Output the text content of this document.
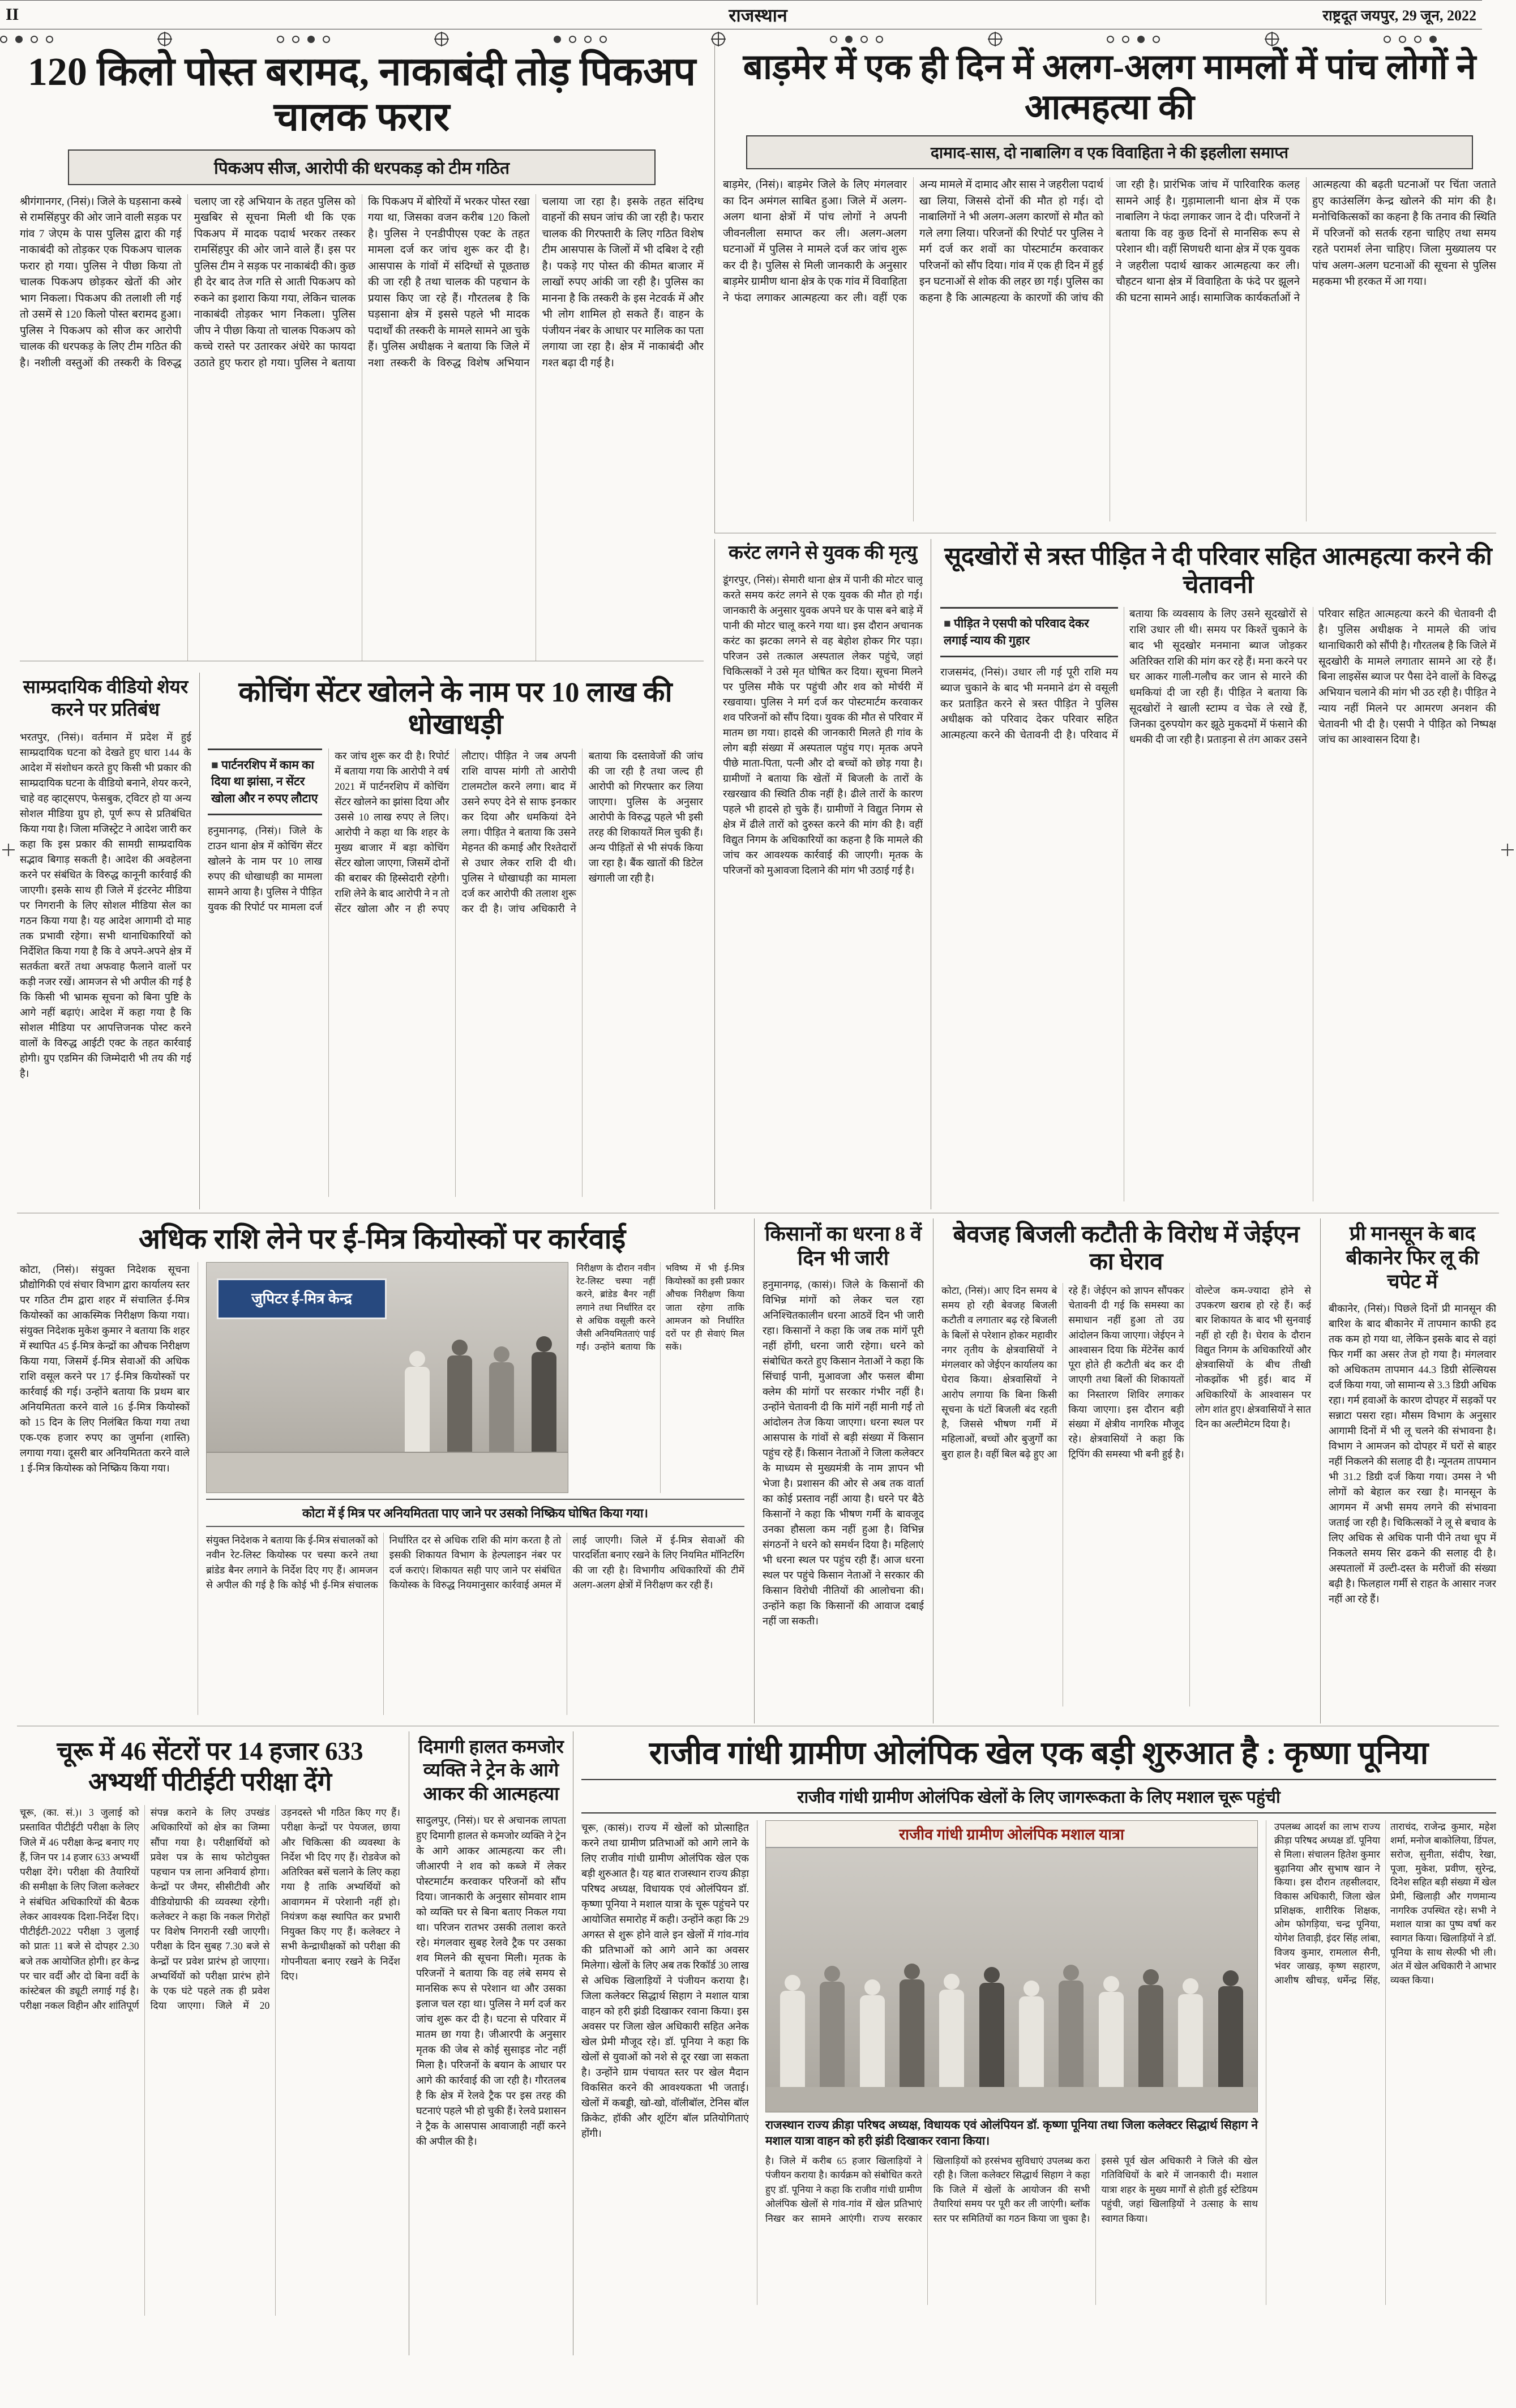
II	राजस्थान	राष्ट्रदूत जयपुर, 29 जून, 2022
120 किलो पोस्त बरामद, नाकाबंदी तोड़ पिकअप चालक फरार
पिकअप सीज, आरोपी की धरपकड़ को टीम गठित
श्रीगंगानगर, (निसं)। जिले के घड़साना कस्बे से रामसिंहपुर की ओर जाने वाली सड़क पर गांव 7 जेएम के पास पुलिस द्वारा की गई नाकाबंदी को तोड़कर एक पिकअप चालक फरार हो गया। पुलिस ने पीछा किया तो चालक पिकअप छोड़कर खेतों की ओर भाग निकला। पिकअप की तलाशी ली गई तो उसमें से 120 किलो पोस्त बरामद हुआ। पुलिस ने पिकअप को सीज कर आरोपी चालक की धरपकड़ के लिए टीम गठित की है। नशीली वस्तुओं की तस्करी के विरुद्ध चलाए जा रहे अभियान के तहत पुलिस को मुखबिर से सूचना मिली थी कि एक पिकअप में मादक पदार्थ भरकर तस्कर रामसिंहपुर की ओर जाने वाले हैं। इस पर पुलिस टीम ने सड़क पर नाकाबंदी की। कुछ ही देर बाद तेज गति से आती पिकअप को रुकने का इशारा किया गया, लेकिन चालक नाकाबंदी तोड़कर भाग निकला। पुलिस जीप ने पीछा किया तो चालक पिकअप को कच्चे रास्ते पर उतारकर अंधेरे का फायदा उठाते हुए फरार हो गया। पुलिस ने बताया कि पिकअप में बोरियों में भरकर पोस्त रखा गया था, जिसका वजन करीब 120 किलो है। पुलिस ने एनडीपीएस एक्ट के तहत मामला दर्ज कर जांच शुरू कर दी है। आसपास के गांवों में संदिग्धों से पूछताछ की जा रही है तथा चालक की पहचान के प्रयास किए जा रहे हैं। गौरतलब है कि घड़साना क्षेत्र में इससे पहले भी मादक पदार्थों की तस्करी के मामले सामने आ चुके हैं। पुलिस अधीक्षक ने बताया कि जिले में नशा तस्करी के विरुद्ध विशेष अभियान चलाया जा रहा है। इसके तहत संदिग्ध वाहनों की सघन जांच की जा रही है। फरार चालक की गिरफ्तारी के लिए गठित विशेष टीम आसपास के जिलों में भी दबिश दे रही है। पकड़े गए पोस्त की कीमत बाजार में लाखों रुपए आंकी जा रही है। पुलिस का मानना है कि तस्करी के इस नेटवर्क में और भी लोग शामिल हो सकते हैं। वाहन के पंजीयन नंबर के आधार पर मालिक का पता लगाया जा रहा है। क्षेत्र में नाकाबंदी और गश्त बढ़ा दी गई है।
बाड़मेर में एक ही दिन में अलग-अलग मामलों में पांच लोगों ने आत्महत्या की
दामाद-सास, दो नाबालिग व एक विवाहिता ने की इहलीला समाप्त
बाड़मेर, (निसं)। बाड़मेर जिले के लिए मंगलवार का दिन अमंगल साबित हुआ। जिले में अलग-अलग थाना क्षेत्रों में पांच लोगों ने अपनी जीवनलीला समाप्त कर ली। अलग-अलग घटनाओं में पुलिस ने मामले दर्ज कर जांच शुरू कर दी है। पुलिस से मिली जानकारी के अनुसार बाड़मेर ग्रामीण थाना क्षेत्र के एक गांव में विवाहिता ने फंदा लगाकर आत्महत्या कर ली। वहीं एक अन्य मामले में दामाद और सास ने जहरीला पदार्थ खा लिया, जिससे दोनों की मौत हो गई। दो नाबालिगों ने भी अलग-अलग कारणों से मौत को गले लगा लिया। परिजनों की रिपोर्ट पर पुलिस ने मर्ग दर्ज कर शवों का पोस्टमार्टम करवाकर परिजनों को सौंप दिया। गांव में एक ही दिन में हुई इन घटनाओं से शोक की लहर छा गई। पुलिस का कहना है कि आत्महत्या के कारणों की जांच की जा रही है। प्रारंभिक जांच में पारिवारिक कलह सामने आई है। गुड़ामालानी थाना क्षेत्र में एक नाबालिग ने फंदा लगाकर जान दे दी। परिजनों ने बताया कि वह कुछ दिनों से मानसिक रूप से परेशान थी। वहीं सिणधरी थाना क्षेत्र में एक युवक ने जहरीला पदार्थ खाकर आत्महत्या कर ली। चौहटन थाना क्षेत्र में विवाहिता के फंदे पर झूलने की घटना सामने आई। सामाजिक कार्यकर्ताओं ने आत्महत्या की बढ़ती घटनाओं पर चिंता जताते हुए काउंसलिंग केन्द्र खोलने की मांग की है। मनोचिकित्सकों का कहना है कि तनाव की स्थिति में परिजनों को सतर्क रहना चाहिए तथा समय रहते परामर्श लेना चाहिए। जिला मुख्यालय पर पांच अलग-अलग घटनाओं की सूचना से पुलिस महकमा भी हरकत में आ गया।
करंट लगने से युवक की मृत्यु
डूंगरपुर, (निसं)। सेमारी थाना क्षेत्र में पानी की मोटर चालू करते समय करंट लगने से एक युवक की मौत हो गई। जानकारी के अनुसार युवक अपने घर के पास बने बाड़े में पानी की मोटर चालू करने गया था। इस दौरान अचानक करंट का झटका लगने से वह बेहोश होकर गिर पड़ा। परिजन उसे तत्काल अस्पताल लेकर पहुंचे, जहां चिकित्सकों ने उसे मृत घोषित कर दिया। सूचना मिलने पर पुलिस मौके पर पहुंची और शव को मोर्चरी में रखवाया। पुलिस ने मर्ग दर्ज कर पोस्टमार्टम करवाकर शव परिजनों को सौंप दिया। युवक की मौत से परिवार में मातम छा गया। हादसे की जानकारी मिलते ही गांव के लोग बड़ी संख्या में अस्पताल पहुंच गए। मृतक अपने पीछे माता-पिता, पत्नी और दो बच्चों को छोड़ गया है। ग्रामीणों ने बताया कि खेतों में बिजली के तारों के रखरखाव की स्थिति ठीक नहीं है। ढीले तारों के कारण पहले भी हादसे हो चुके हैं। ग्रामीणों ने विद्युत निगम से क्षेत्र में ढीले तारों को दुरुस्त करने की मांग की है। वहीं विद्युत निगम के अधिकारियों का कहना है कि मामले की जांच कर आवश्यक कार्रवाई की जाएगी। मृतक के परिजनों को मुआवजा दिलाने की मांग भी उठाई गई है।
सूदखोरों से त्रस्त पीड़ित ने दी परिवार सहित आत्महत्या करने की चेतावनी
■ पीड़ित ने एसपी को परिवाद देकर लगाई न्याय की गुहार
राजसमंद, (निसं)। उधार ली गई पूरी राशि मय ब्याज चुकाने के बाद भी मनमाने ढंग से वसूली कर प्रताड़ित करने से त्रस्त पीड़ित ने पुलिस अधीक्षक को परिवाद देकर परिवार सहित आत्महत्या करने की चेतावनी दी है। परिवाद में बताया कि व्यवसाय के लिए उसने सूदखोरों से राशि उधार ली थी। समय पर किश्तें चुकाने के बाद भी सूदखोर मनमाना ब्याज जोड़कर अतिरिक्त राशि की मांग कर रहे हैं। मना करने पर घर आकर गाली-गलौच कर जान से मारने की धमकियां दी जा रही हैं। पीड़ित ने बताया कि सूदखोरों ने खाली स्टाम्प व चेक ले रखे हैं, जिनका दुरुपयोग कर झूठे मुकदमों में फंसाने की धमकी दी जा रही है। प्रताड़ना से तंग आकर उसने परिवार सहित आत्महत्या करने की चेतावनी दी है। पुलिस अधीक्षक ने मामले की जांच थानाधिकारी को सौंपी है। गौरतलब है कि जिले में सूदखोरी के मामले लगातार सामने आ रहे हैं। बिना लाइसेंस ब्याज पर पैसा देने वालों के विरुद्ध अभियान चलाने की मांग भी उठ रही है। पीड़ित ने न्याय नहीं मिलने पर आमरण अनशन की चेतावनी भी दी है। एसपी ने पीड़ित को निष्पक्ष जांच का आश्वासन दिया है।
साम्प्रदायिक वीडियो शेयर करने पर प्रतिबंध
भरतपुर, (निसं)। वर्तमान में प्रदेश में हुई साम्प्रदायिक घटना को देखते हुए धारा 144 के आदेश में संशोधन करते हुए किसी भी प्रकार की साम्प्रदायिक घटना के वीडियो बनाने, शेयर करने, चाहे वह व्हाट्सएप, फेसबुक, ट्विटर हो या अन्य सोशल मीडिया ग्रुप हो, पूर्ण रूप से प्रतिबंधित किया गया है। जिला मजिस्ट्रेट ने आदेश जारी कर कहा कि इस प्रकार की सामग्री साम्प्रदायिक सद्भाव बिगाड़ सकती है। आदेश की अवहेलना करने पर संबंधित के विरुद्ध कानूनी कार्रवाई की जाएगी। इसके साथ ही जिले में इंटरनेट मीडिया पर निगरानी के लिए सोशल मीडिया सेल का गठन किया गया है। यह आदेश आगामी दो माह तक प्रभावी रहेगा। सभी थानाधिकारियों को निर्देशित किया गया है कि वे अपने-अपने क्षेत्र में सतर्कता बरतें तथा अफवाह फैलाने वालों पर कड़ी नजर रखें। आमजन से भी अपील की गई है कि किसी भी भ्रामक सूचना को बिना पुष्टि के आगे नहीं बढ़ाएं। आदेश में कहा गया है कि सोशल मीडिया पर आपत्तिजनक पोस्ट करने वालों के विरुद्ध आईटी एक्ट के तहत कार्रवाई होगी। ग्रुप एडमिन की जिम्मेदारी भी तय की गई है।
कोचिंग सेंटर खोलने के नाम पर 10 लाख की धोखाधड़ी
■ पार्टनरशिप में काम का दिया था झांसा, न सेंटर खोला और न रुपए लौटाए
हनुमानगढ़, (निसं)। जिले के टाउन थाना क्षेत्र में कोचिंग सेंटर खोलने के नाम पर 10 लाख रुपए की धोखाधड़ी का मामला सामने आया है। पुलिस ने पीड़ित युवक की रिपोर्ट पर मामला दर्ज कर जांच शुरू कर दी है। रिपोर्ट में बताया गया कि आरोपी ने वर्ष 2021 में पार्टनरशिप में कोचिंग सेंटर खोलने का झांसा दिया और उससे 10 लाख रुपए ले लिए। आरोपी ने कहा था कि शहर के मुख्य बाजार में बड़ा कोचिंग सेंटर खोला जाएगा, जिसमें दोनों की बराबर की हिस्सेदारी रहेगी। राशि लेने के बाद आरोपी ने न तो सेंटर खोला और न ही रुपए लौटाए। पीड़ित ने जब अपनी राशि वापस मांगी तो आरोपी टालमटोल करने लगा। बाद में उसने रुपए देने से साफ इनकार कर दिया और धमकियां देने लगा। पीड़ित ने बताया कि उसने मेहनत की कमाई और रिश्तेदारों से उधार लेकर राशि दी थी। पुलिस ने धोखाधड़ी का मामला दर्ज कर आरोपी की तलाश शुरू कर दी है। जांच अधिकारी ने बताया कि दस्तावेजों की जांच की जा रही है तथा जल्द ही आरोपी को गिरफ्तार कर लिया जाएगा। पुलिस के अनुसार आरोपी के विरुद्ध पहले भी इसी तरह की शिकायतें मिल चुकी हैं। अन्य पीड़ितों से भी संपर्क किया जा रहा है। बैंक खातों की डिटेल खंगाली जा रही है।
अधिक राशि लेने पर ई-मित्र कियोस्कों पर कार्रवाई
कोटा, (निसं)। संयुक्त निदेशक सूचना प्रौद्योगिकी एवं संचार विभाग द्वारा कार्यालय स्तर पर गठित टीम द्वारा शहर में संचालित ई-मित्र कियोस्कों का आकस्मिक निरीक्षण किया गया। संयुक्त निदेशक मुकेश कुमार ने बताया कि शहर में स्थापित 45 ई-मित्र केन्द्रों का औचक निरीक्षण किया गया, जिसमें ई-मित्र सेवाओं की अधिक राशि वसूल करने पर 17 ई-मित्र कियोस्कों पर कार्रवाई की गई। उन्होंने बताया कि प्रथम बार अनियमितता करने वाले 16 ई-मित्र कियोस्कों को 15 दिन के लिए निलंबित किया गया तथा एक-एक हजार रुपए का जुर्माना (शास्ति) लगाया गया। दूसरी बार अनियमितता करने वाले 1 ई-मित्र कियोस्क को निष्क्रिय किया गया।
जुपिटर ई-मित्र केन्द्र
निरीक्षण के दौरान नवीन रेट-लिस्ट चस्पा नहीं करने, ब्रांडेड बैनर नहीं लगाने तथा निर्धारित दर से अधिक वसूली करने जैसी अनियमितताएं पाई गईं। उन्होंने बताया कि भविष्य में भी ई-मित्र कियोस्कों का इसी प्रकार औचक निरीक्षण किया जाता रहेगा ताकि आमजन को निर्धारित दरों पर ही सेवाएं मिल सकें।
कोटा में ई मित्र पर अनियमितता पाए जाने पर उसको निष्क्रिय घोषित किया गया।
संयुक्त निदेशक ने बताया कि ई-मित्र संचालकों को नवीन रेट-लिस्ट कियोस्क पर चस्पा करने तथा ब्रांडेड बैनर लगाने के निर्देश दिए गए हैं। आमजन से अपील की गई है कि कोई भी ई-मित्र संचालक निर्धारित दर से अधिक राशि की मांग करता है तो इसकी शिकायत विभाग के हेल्पलाइन नंबर पर दर्ज कराएं। शिकायत सही पाए जाने पर संबंधित कियोस्क के विरुद्ध नियमानुसार कार्रवाई अमल में लाई जाएगी। जिले में ई-मित्र सेवाओं की पारदर्शिता बनाए रखने के लिए नियमित मॉनिटरिंग की जा रही है। विभागीय अधिकारियों की टीमें अलग-अलग क्षेत्रों में निरीक्षण कर रही हैं।
किसानों का धरना 8 वें दिन भी जारी
हनुमानगढ़, (कासं)। जिले के किसानों की विभिन्न मांगों को लेकर चल रहा अनिश्चितकालीन धरना आठवें दिन भी जारी रहा। किसानों ने कहा कि जब तक मांगें पूरी नहीं होंगी, धरना जारी रहेगा। धरने को संबोधित करते हुए किसान नेताओं ने कहा कि सिंचाई पानी, मुआवजा और फसल बीमा क्लेम की मांगों पर सरकार गंभीर नहीं है। उन्होंने चेतावनी दी कि मांगें नहीं मानी गईं तो आंदोलन तेज किया जाएगा। धरना स्थल पर आसपास के गांवों से बड़ी संख्या में किसान पहुंच रहे हैं। किसान नेताओं ने जिला कलेक्टर के माध्यम से मुख्यमंत्री के नाम ज्ञापन भी भेजा है। प्रशासन की ओर से अब तक वार्ता का कोई प्रस्ताव नहीं आया है। धरने पर बैठे किसानों ने कहा कि भीषण गर्मी के बावजूद उनका हौसला कम नहीं हुआ है। विभिन्न संगठनों ने धरने को समर्थन दिया है। महिलाएं भी धरना स्थल पर पहुंच रही हैं। आज धरना स्थल पर पहुंचे किसान नेताओं ने सरकार की किसान विरोधी नीतियों की आलोचना की। उन्होंने कहा कि किसानों की आवाज दबाई नहीं जा सकती।
बेवजह बिजली कटौती के विरोध में जेईएन का घेराव
कोटा, (निसं)। आए दिन समय बे समय हो रही बेवजह बिजली कटौती व लगातार बढ़ रहे बिजली के बिलों से परेशान होकर महावीर नगर तृतीय के क्षेत्रवासियों ने मंगलवार को जेईएन कार्यालय का घेराव किया। क्षेत्रवासियों ने आरोप लगाया कि बिना किसी सूचना के घंटों बिजली बंद रहती है, जिससे भीषण गर्मी में महिलाओं, बच्चों और बुजुर्गों का बुरा हाल है। वहीं बिल बढ़े हुए आ रहे हैं। जेईएन को ज्ञापन सौंपकर चेतावनी दी गई कि समस्या का समाधान नहीं हुआ तो उग्र आंदोलन किया जाएगा। जेईएन ने आश्वासन दिया कि मेंटेनेंस कार्य पूरा होते ही कटौती बंद कर दी जाएगी तथा बिलों की शिकायतों का निस्तारण शिविर लगाकर किया जाएगा। इस दौरान बड़ी संख्या में क्षेत्रीय नागरिक मौजूद रहे। क्षेत्रवासियों ने कहा कि ट्रिपिंग की समस्या भी बनी हुई है। वोल्टेज कम-ज्यादा होने से उपकरण खराब हो रहे हैं। कई बार शिकायत के बाद भी सुनवाई नहीं हो रही है। घेराव के दौरान विद्युत निगम के अधिकारियों और क्षेत्रवासियों के बीच तीखी नोकझोंक भी हुई। बाद में अधिकारियों के आश्वासन पर लोग शांत हुए। क्षेत्रवासियों ने सात दिन का अल्टीमेटम दिया है।
प्री मानसून के बाद बीकानेर फिर लू की चपेट में
बीकानेर, (निसं)। पिछले दिनों प्री मानसून की बारिश के बाद बीकानेर में तापमान काफी हद तक कम हो गया था, लेकिन इसके बाद से वहां फिर गर्मी का असर तेज हो गया है। मंगलवार को अधिकतम तापमान 44.3 डिग्री सेल्सियस दर्ज किया गया, जो सामान्य से 3.3 डिग्री अधिक रहा। गर्म हवाओं के कारण दोपहर में सड़कों पर सन्नाटा पसरा रहा। मौसम विभाग के अनुसार आगामी दिनों में भी लू चलने की संभावना है। विभाग ने आमजन को दोपहर में घरों से बाहर नहीं निकलने की सलाह दी है। न्यूनतम तापमान भी 31.2 डिग्री दर्ज किया गया। उमस ने भी लोगों को बेहाल कर रखा है। मानसून के आगमन में अभी समय लगने की संभावना जताई जा रही है। चिकित्सकों ने लू से बचाव के लिए अधिक से अधिक पानी पीने तथा धूप में निकलते समय सिर ढकने की सलाह दी है। अस्पतालों में उल्टी-दस्त के मरीजों की संख्या बढ़ी है। फिलहाल गर्मी से राहत के आसार नजर नहीं आ रहे हैं।
चूरू में 46 सेंटरों पर 14 हजार 633 अभ्यर्थी पीटीईटी परीक्षा देंगे
चूरू, (का. सं.)। 3 जुलाई को प्रस्तावित पीटीईटी परीक्षा के लिए जिले में 46 परीक्षा केन्द्र बनाए गए हैं, जिन पर 14 हजार 633 अभ्यर्थी परीक्षा देंगे। परीक्षा की तैयारियों की समीक्षा के लिए जिला कलेक्टर ने संबंधित अधिकारियों की बैठक लेकर आवश्यक दिशा-निर्देश दिए। पीटीईटी-2022 परीक्षा 3 जुलाई को प्रातः 11 बजे से दोपहर 2.30 बजे तक आयोजित होगी। हर केन्द्र पर चार वर्दी और दो बिना वर्दी के कांस्टेबल की ड्यूटी लगाई गई है। परीक्षा नकल विहीन और शांतिपूर्ण संपन्न कराने के लिए उपखंड अधिकारियों को क्षेत्र का जिम्मा सौंपा गया है। परीक्षार्थियों को प्रवेश पत्र के साथ फोटोयुक्त पहचान पत्र लाना अनिवार्य होगा। केन्द्रों पर जैमर, सीसीटीवी और वीडियोग्राफी की व्यवस्था रहेगी। कलेक्टर ने कहा कि नकल गिरोहों पर विशेष निगरानी रखी जाएगी। परीक्षा के दिन सुबह 7.30 बजे से केन्द्रों पर प्रवेश प्रारंभ हो जाएगा। अभ्यर्थियों को परीक्षा प्रारंभ होने के एक घंटे पहले तक ही प्रवेश दिया जाएगा। जिले में 20 उड़नदस्ते भी गठित किए गए हैं। परीक्षा केन्द्रों पर पेयजल, छाया और चिकित्सा की व्यवस्था के निर्देश भी दिए गए हैं। रोडवेज को अतिरिक्त बसें चलाने के लिए कहा गया है ताकि अभ्यर्थियों को आवागमन में परेशानी नहीं हो। नियंत्रण कक्ष स्थापित कर प्रभारी नियुक्त किए गए हैं। कलेक्टर ने सभी केन्द्राधीक्षकों को परीक्षा की गोपनीयता बनाए रखने के निर्देश दिए।
दिमागी हालत कमजोर व्यक्ति ने ट्रेन के आगे आकर की आत्महत्या
सादुलपुर, (निसं)। घर से अचानक लापता हुए दिमागी हालत से कमजोर व्यक्ति ने ट्रेन के आगे आकर आत्महत्या कर ली। जीआरपी ने शव को कब्जे में लेकर पोस्टमार्टम करवाकर परिजनों को सौंप दिया। जानकारी के अनुसार सोमवार शाम को व्यक्ति घर से बिना बताए निकल गया था। परिजन रातभर उसकी तलाश करते रहे। मंगलवार सुबह रेलवे ट्रैक पर उसका शव मिलने की सूचना मिली। मृतक के परिजनों ने बताया कि वह लंबे समय से मानसिक रूप से परेशान था और उसका इलाज चल रहा था। पुलिस ने मर्ग दर्ज कर जांच शुरू कर दी है। घटना से परिवार में मातम छा गया है। जीआरपी के अनुसार मृतक की जेब से कोई सुसाइड नोट नहीं मिला है। परिजनों के बयान के आधार पर आगे की कार्रवाई की जा रही है। गौरतलब है कि क्षेत्र में रेलवे ट्रैक पर इस तरह की घटनाएं पहले भी हो चुकी हैं। रेलवे प्रशासन ने ट्रैक के आसपास आवाजाही नहीं करने की अपील की है।
राजीव गांधी ग्रामीण ओलंपिक खेल एक बड़ी शुरुआत है : कृष्णा पूनिया
राजीव गांधी ग्रामीण ओलंपिक खेलों के लिए जागरूकता के लिए मशाल चूरू पहुंची
चूरू, (कासं)। राज्य में खेलों को प्रोत्साहित करने तथा ग्रामीण प्रतिभाओं को आगे लाने के लिए राजीव गांधी ग्रामीण ओलंपिक खेल एक बड़ी शुरुआत है। यह बात राजस्थान राज्य क्रीड़ा परिषद अध्यक्ष, विधायक एवं ओलंपियन डॉ. कृष्णा पूनिया ने मशाल यात्रा के चूरू पहुंचने पर आयोजित समारोह में कही। उन्होंने कहा कि 29 अगस्त से शुरू होने वाले इन खेलों में गांव-गांव की प्रतिभाओं को आगे आने का अवसर मिलेगा। खेलों के लिए अब तक रिकॉर्ड 30 लाख से अधिक खिलाड़ियों ने पंजीयन कराया है। जिला कलेक्टर सिद्धार्थ सिहाग ने मशाल यात्रा वाहन को हरी झंडी दिखाकर रवाना किया। इस अवसर पर जिला खेल अधिकारी सहित अनेक खेल प्रेमी मौजूद रहे। डॉ. पूनिया ने कहा कि खेलों से युवाओं को नशे से दूर रखा जा सकता है। उन्होंने ग्राम पंचायत स्तर पर खेल मैदान विकसित करने की आवश्यकता भी जताई। खेलों में कबड्डी, खो-खो, वॉलीबॉल, टेनिस बॉल क्रिकेट, हॉकी और शूटिंग बॉल प्रतियोगिताएं होंगी।
राजीव गांधी ग्रामीण ओलंपिक मशाल यात्रा
राजस्थान राज्य क्रीड़ा परिषद अध्यक्ष, विधायक एवं ओलंपियन डॉ. कृष्णा पूनिया तथा जिला कलेक्टर सिद्धार्थ सिहाग ने मशाल यात्रा वाहन को हरी झंडी दिखाकर रवाना किया।
है। जिले में करीब 65 हजार खिलाड़ियों ने पंजीयन कराया है। कार्यक्रम को संबोधित करते हुए डॉ. पूनिया ने कहा कि राजीव गांधी ग्रामीण ओलंपिक खेलों से गांव-गांव में खेल प्रतिभाएं निखर कर सामने आएंगी। राज्य सरकार खिलाड़ियों को हरसंभव सुविधाएं उपलब्ध करा रही है। जिला कलेक्टर सिद्धार्थ सिहाग ने कहा कि जिले में खेलों के आयोजन की सभी तैयारियां समय पर पूरी कर ली जाएंगी। ब्लॉक स्तर पर समितियों का गठन किया जा चुका है। इससे पूर्व खेल अधिकारी ने जिले की खेल गतिविधियों के बारे में जानकारी दी। मशाल यात्रा शहर के मुख्य मार्गों से होती हुई स्टेडियम पहुंची, जहां खिलाड़ियों ने उत्साह के साथ स्वागत किया।
उपलब्ध आदर्श का लाभ राज्य क्रीड़ा परिषद अध्यक्ष डॉ. पूनिया से मिला। संचालन हितेश कुमार बुढ़ानिया और सुभाष खान ने किया। इस दौरान तहसीलदार, विकास अधिकारी, जिला खेल प्रशिक्षक, शारीरिक शिक्षक, ओम फोगड़िया, चन्द्र पूनिया, योगेश तिवाड़ी, इंदर सिंह लांबा, विजय कुमार, रामलाल सैनी, भंवर जाखड़, कृष्ण सहारण, आशीष खीचड़, धर्मेन्द्र सिंह, ताराचंद, राजेन्द्र कुमार, महेश शर्मा, मनोज बाकोलिया, डिंपल, सरोज, सुनीता, संदीप, रेखा, पूजा, मुकेश, प्रवीण, सुरेन्द्र, दिनेश सहित बड़ी संख्या में खेल प्रेमी, खिलाड़ी और गणमान्य नागरिक उपस्थित रहे। सभी ने मशाल यात्रा का पुष्प वर्षा कर स्वागत किया। खिलाड़ियों ने डॉ. पूनिया के साथ सेल्फी भी ली। अंत में खेल अधिकारी ने आभार व्यक्त किया।
